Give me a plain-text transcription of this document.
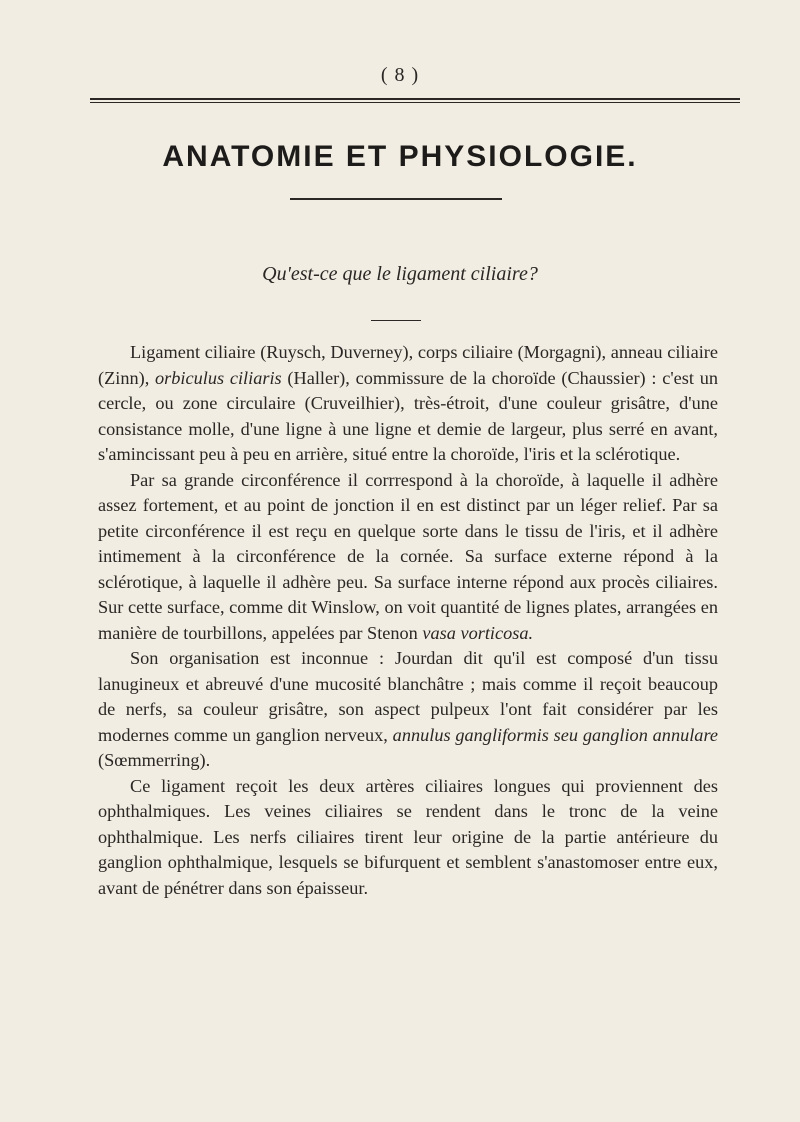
( 8 )
ANATOMIE ET PHYSIOLOGIE.
Qu'est-ce que le ligament ciliaire?

Ligament ciliaire (Ruysch, Duverney), corps ciliaire (Morgagni), anneau ciliaire (Zinn), orbiculus ciliaris (Haller), commissure de la choroïde (Chaussier) : c'est un cercle, ou zone circulaire (Cruveilhier), très-étroit, d'une couleur grisâtre, d'une consistance molle, d'une ligne à une ligne et demie de largeur, plus serré en avant, s'amincissant peu à peu en arrière, situé entre la choroïde, l'iris et la sclérotique.

Par sa grande circonférence il corrrespond à la choroïde, à laquelle il adhère assez fortement, et au point de jonction il en est distinct par un léger relief. Par sa petite circonférence il est reçu en quelque sorte dans le tissu de l'iris, et il adhère intimement à la circonférence de la cornée. Sa surface externe répond à la sclérotique, à laquelle il adhère peu. Sa surface interne répond aux procès ciliaires. Sur cette surface, comme dit Winslow, on voit quantité de lignes plates, arrangées en manière de tourbillons, appelées par Stenon vasa vorticosa.

Son organisation est inconnue : Jourdan dit qu'il est composé d'un tissu lanugineux et abreuvé d'une mucosité blanchâtre ; mais comme il reçoit beaucoup de nerfs, sa couleur grisâtre, son aspect pulpeux l'ont fait considérer par les modernes comme un ganglion nerveux, annulus gangliformis seu ganglion annulare (Sœmmerring).

Ce ligament reçoit les deux artères ciliaires longues qui proviennent des ophthalmiques. Les veines ciliaires se rendent dans le tronc de la veine ophthalmique. Les nerfs ciliaires tirent leur origine de la partie antérieure du ganglion ophthalmique, lesquels se bifurquent et semblent s'anastomoser entre eux, avant de pénétrer dans son épaisseur.
